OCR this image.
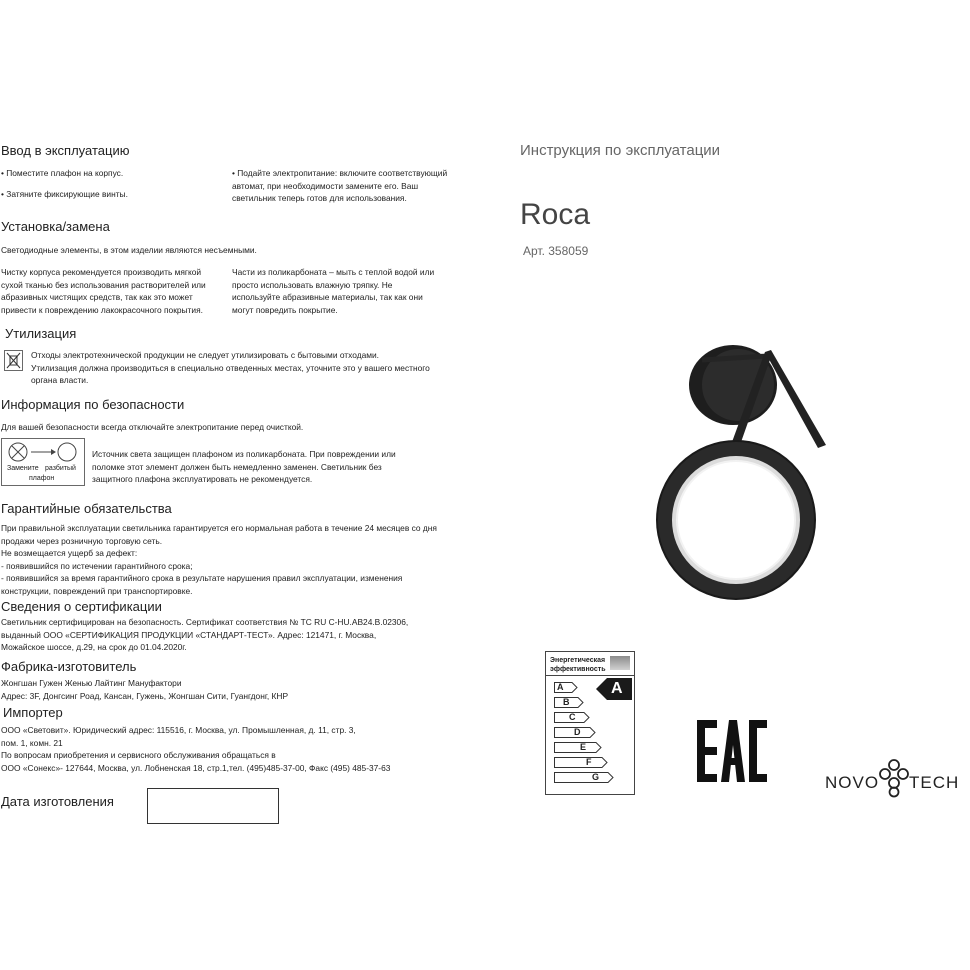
Ввод в эксплуатацию
• Поместите плафон на корпус.
• Затяните фиксирующие винты.
• Подайте электропитание: включите соответствующий
автомат, при необходимости замените его. Ваш
светильник теперь готов для использования.
Установка/замена
Светодиодные элементы, в этом изделии являются несъемными.
Чистку корпуса рекомендуется производить мягкой
сухой тканью без использования растворителей или
абразивных чистящих средств, так как это может
привести к повреждению лакокрасочного покрытия.
Части из поликарбоната – мыть с теплой водой или
просто использовать влажную тряпку. Не
используйте абразивные материалы, так как они
могут повредить покрытие.
Утилизация
Отходы электротехнической продукции не следует утилизировать с бытовыми отходами.
Утилизация должна производиться в специально отведенных местах, уточните это у вашего местного
органа власти.
Информация по безопасности
Для вашей безопасности всегда отключайте электропитание перед очисткой.
Замените разбитый
плафон
Источник света защищен плафоном из поликарбоната. При повреждении или
поломке этот элемент должен быть немедленно заменен. Светильник без
защитного плафона эксплуатировать не рекомендуется.
Гарантийные обязательства
При правильной эксплуатации светильника гарантируется его нормальная работа в течение 24 месяцев со дня
продажи через розничную торговую сеть.
Не возмещается ущерб за дефект:
- появившийся по истечении гарантийного срока;
- появившийся за время гарантийного срока в результате нарушения правил эксплуатации, изменения
конструкции, повреждений при транспортировке.
Сведения о сертификации
Светильник сертифицирован на безопасность. Сертификат соответствия № ТС RU C-HU.AB24.B.02306,
выданный ООО «СЕРТИФИКАЦИЯ ПРОДУКЦИИ «СТАНДАРТ-ТЕСТ». Адрес: 121471, г. Москва,
Можайское шоссе, д.29, на срок до 01.04.2020г.
Фабрика-изготовитель
Жонгшан Гужен Женью Лайтинг Мануфактори
Адрес: 3F, Донгсинг Роад, Кансан, Гужень, Жонгшан Сити, Гуангдонг, КНР
Импортер
ООО «Световит». Юридический адрес: 115516, г. Москва, ул. Промышленная, д. 11, стр. 3,
пом. 1, комн. 21
По вопросам приобретения и сервисного обслуживания обращаться в
ООО «Сонекс»- 127644, Москва, ул. Лобненская 18, стр.1,тел. (495)485-37-00, Факс (495) 485-37-63
Дата изготовления
Инструкция по эксплуатации
Roca
Арт. 358059
Энергетическая
эффективность
A
B
C
D
E
F
G
A
NOVO TECH
